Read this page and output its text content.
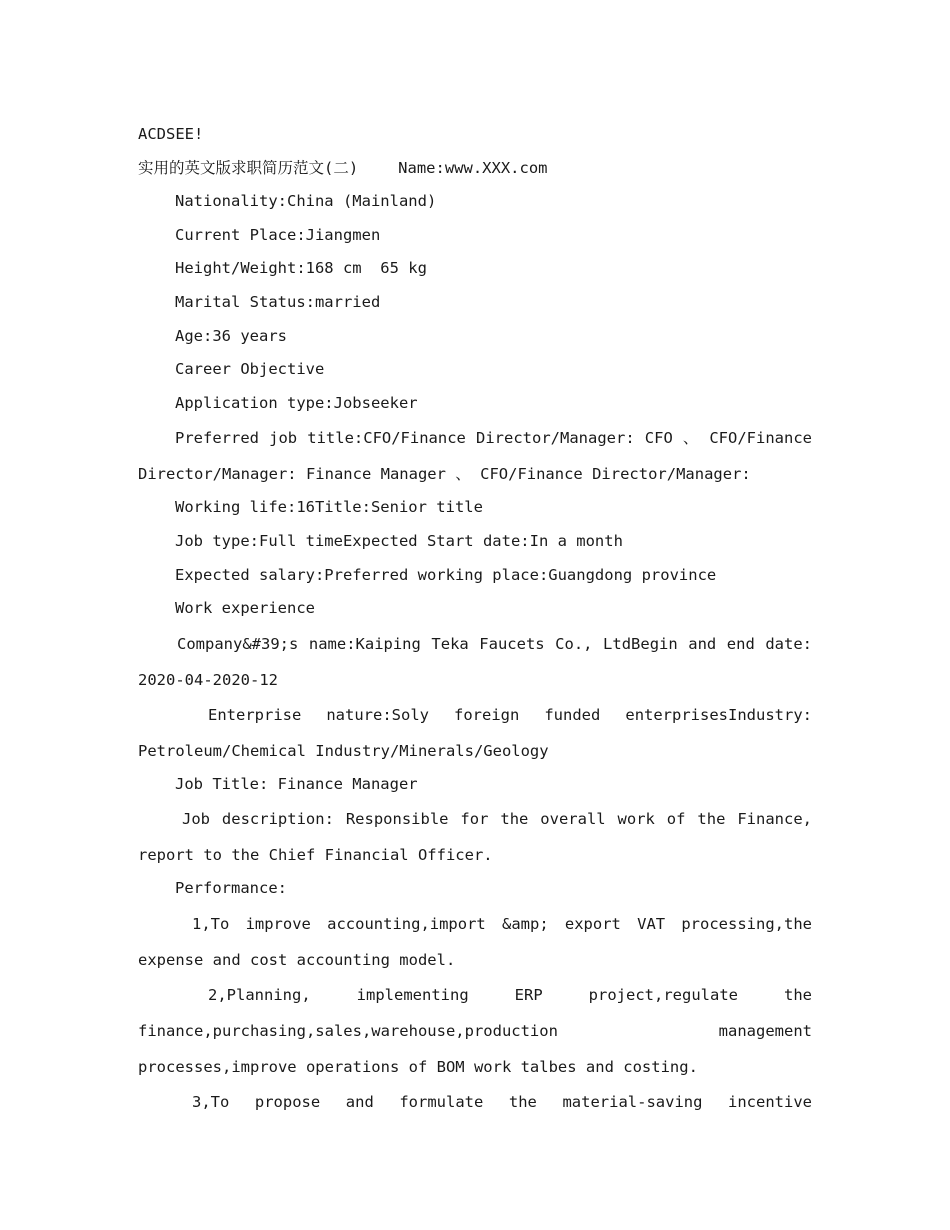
ACDSEE!
实用的英文版求职简历范文(二)	Name:www.XXX.com
Nationality:China (Mainland)
Current Place:Jiangmen
Height/Weight:168 cm  65 kg
Marital Status:married
Age:36 years
Career Objective
Application type:Jobseeker
Preferred job title:CFO/Finance Director/Manager: CFO 、 CFO/Finance Director/Manager: Finance Manager 、 CFO/Finance Director/Manager:
Working life:16Title:Senior title
Job type:Full timeExpected Start date:In a month
Expected salary:Preferred working place:Guangdong province
Work experience
Company&#39;s name:Kaiping Teka Faucets Co., LtdBegin and end date: 2020-04-2020-12
Enterprise nature:Soly foreign funded enterprisesIndustry: Petroleum/Chemical Industry/Minerals/Geology
Job Title: Finance Manager
Job description: Responsible for the overall work of the Finance, report to the Chief Financial Officer.
Performance:
1,To improve accounting,import &amp; export VAT processing,the expense and cost accounting model.
2,Planning, implementing ERP project,regulate the finance,purchasing,sales,warehouse,production management processes,improve operations of BOM work talbes and costing.
3,To propose and formulate the material-saving incentive
